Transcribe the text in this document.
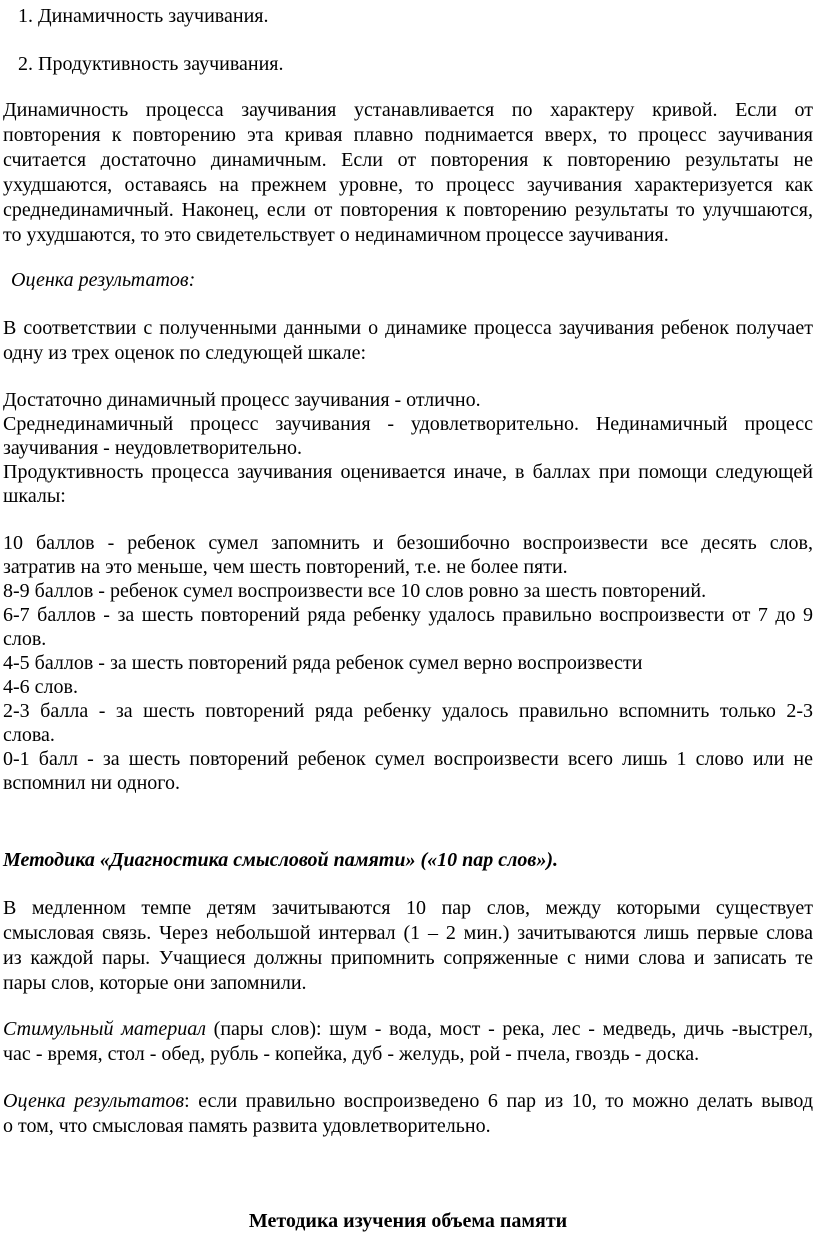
1. Динамичность заучивания.
2. Продуктивность заучивания.
Динамичность процесса заучивания устанавливается по характеру кривой. Если от
повторения к повторению эта кривая плавно поднимается вверх, то процесс заучивания
считается достаточно динамичным. Если от повторения к повторению результаты не
ухудшаются, оставаясь на прежнем уровне, то процесс заучивания характеризуется как
среднединамичный. Наконец, если от повторения к повторению результаты то улучшаются,
то ухудшаются, то это свидетельствует о нединамичном процессе заучивания.
Оценка результатов:
В соответствии с полученными данными о динамике процесса заучивания ребенок получает
одну из трех оценок по следующей шкале:
Достаточно динамичный процесс заучивания - отлично.
Среднединамичный процесс заучивания - удовлетворительно. Нединамичный процесс
заучивания - неудовлетворительно.
Продуктивность процесса заучивания оценивается иначе, в баллах при помощи следующей
шкалы:
10 баллов - ребенок сумел запомнить и безошибочно воспроизвести все десять слов,
затратив на это меньше, чем шесть повторений, т.е. не более пяти.
8-9 баллов - ребенок сумел воспроизвести все 10 слов ровно за шесть повторений.
6-7 баллов - за шесть повторений ряда ребенку удалось правильно воспроизвести от 7 до 9
слов.
4-5 баллов - за шесть повторений ряда ребенок сумел верно воспроизвести
4-6 слов.
2-3 балла - за шесть повторений ряда ребенку удалось правильно вспомнить только 2-3
слова.
0-1 балл - за шесть повторений ребенок сумел воспроизвести всего лишь 1 слово или не
вспомнил ни одного.
Методика «Диагностика смысловой памяти» («10 пар слов»).
В медленном темпе детям зачитываются 10 пар слов, между которыми существует
смысловая связь. Через небольшой интервал (1 – 2 мин.) зачитываются лишь первые слова
из каждой пары. Учащиеся должны припомнить сопряженные с ними слова и записать те
пары слов, которые они запомнили.
Стимульный материал (пары слов): шум - вода, мост - река, лес - медведь, дичь -выстрел,
час - время, стол - обед, рубль - копейка, дуб - желудь, рой - пчела, гвоздь - доска.
Оценка результатов: если правильно воспроизведено 6 пар из 10, то можно делать вывод
о том, что смысловая память развита удовлетворительно.
Методика изучения объема памяти
